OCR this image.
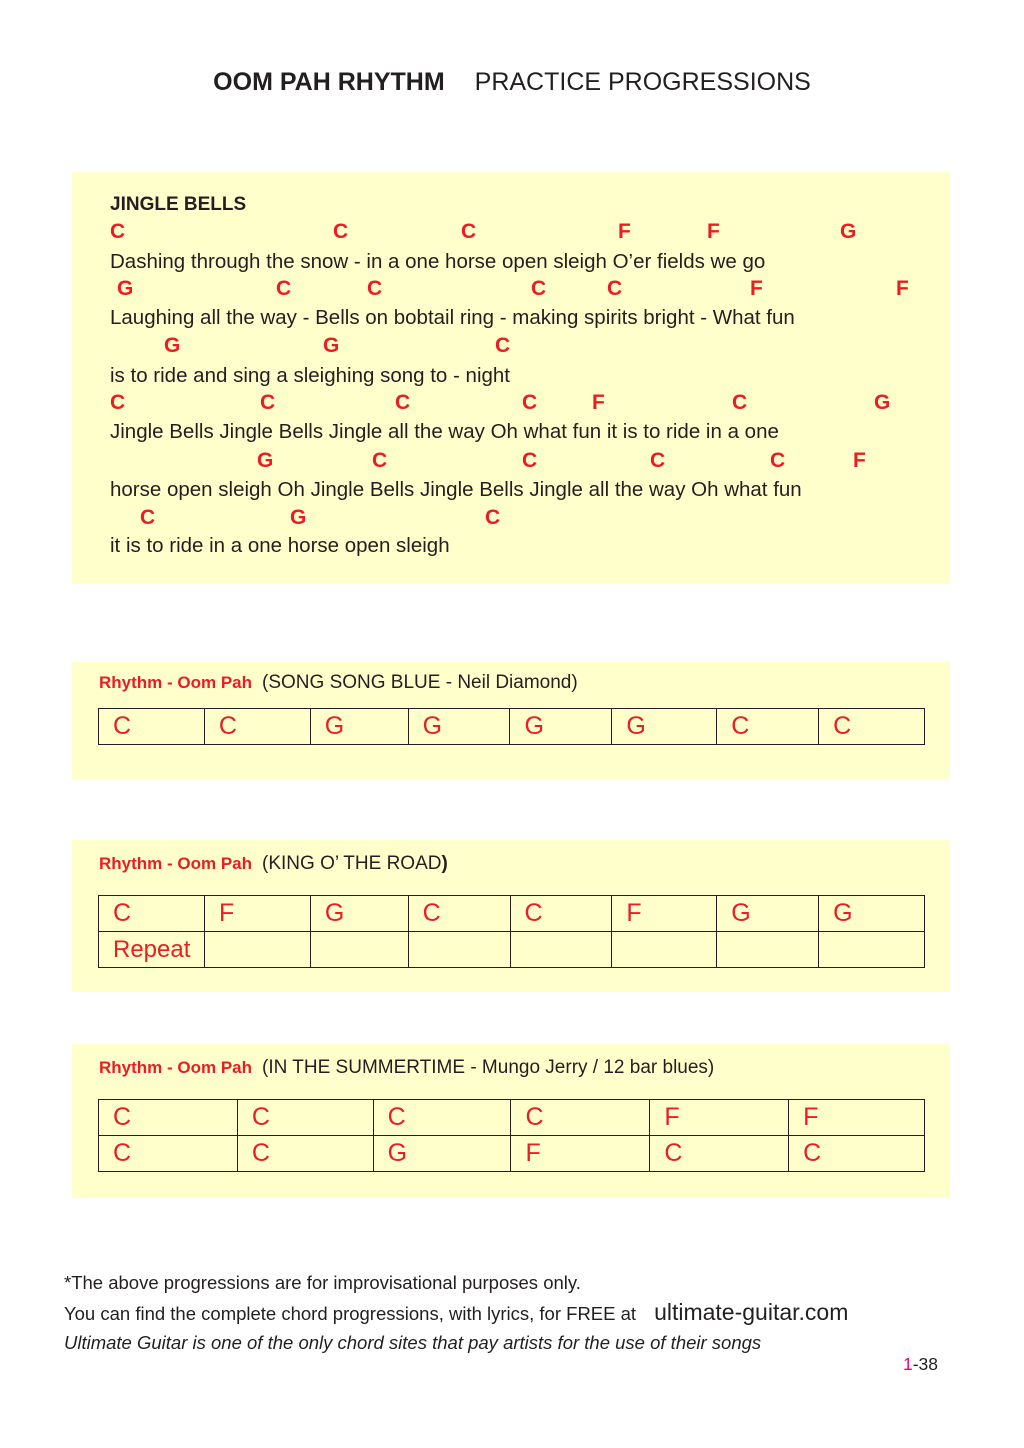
OOM PAH RHYTHM PRACTICE PROGRESSIONS
JINGLE BELLS
C	C	C	F	F	G
Dashing through the snow - in a one horse open sleigh O’er fields we go
G	C	C	C	C	F	F
Laughing all the way - Bells on bobtail ring - making spirits bright - What fun
G	G	C
is to ride and sing a sleighing song to - night
C	C	C	C	F	C	G
Jingle Bells Jingle Bells Jingle all the way Oh what fun it is to ride in a one
G	C	C	C	C	F
horse open sleigh Oh Jingle Bells Jingle Bells Jingle all the way Oh what fun
C	G	C
it is to ride in a one horse open sleigh
Rhythm - Oom Pah (SONG SONG BLUE - Neil Diamond)
C	C	G	G	G	G	C	C
Rhythm - Oom Pah (KING O’ THE ROAD)
C	F	G	C	C	F	G	G
Repeat							
Rhythm - Oom Pah (IN THE SUMMERTIME - Mungo Jerry / 12 bar blues)
C	C	C	C	F	F
C	C	G	F	C	C
*The above progressions are for improvisational purposes only.
You can find the complete chord progressions, with lyrics, for FREE at ultimate-guitar.com
Ultimate Guitar is one of the only chord sites that pay artists for the use of their songs
1-38
